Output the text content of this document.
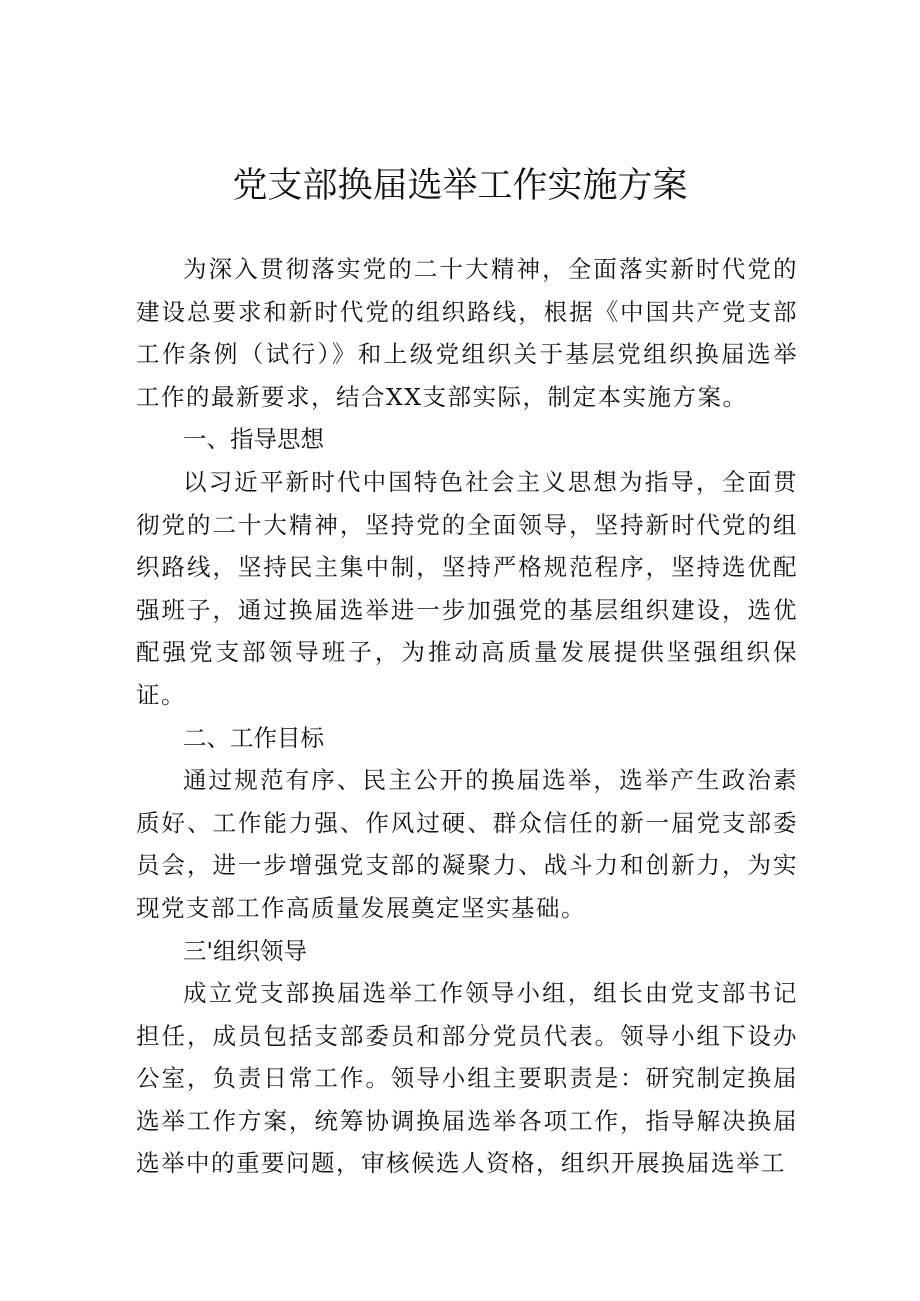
党支部换届选举工作实施方案

为深入贯彻落实党的二十大精神，全面落实新时代党的建设总要求和新时代党的组织路线，根据《中国共产党支部工作条例（试行）》和上级党组织关于基层党组织换届选举工作的最新要求，结合XX支部实际，制定本实施方案。

一、指导思想

以习近平新时代中国特色社会主义思想为指导，全面贯彻党的二十大精神，坚持党的全面领导，坚持新时代党的组织路线，坚持民主集中制，坚持严格规范程序，坚持选优配强班子，通过换届选举进一步加强党的基层组织建设，选优配强党支部领导班子，为推动高质量发展提供坚强组织保证。

二、工作目标

通过规范有序、民主公开的换届选举，选举产生政治素质好、工作能力强、作风过硬、群众信任的新一届党支部委员会，进一步增强党支部的凝聚力、战斗力和创新力，为实现党支部工作高质量发展奠定坚实基础。

三'组织领导

成立党支部换届选举工作领导小组，组长由党支部书记担任，成员包括支部委员和部分党员代表。领导小组下设办公室，负责日常工作。领导小组主要职责是：研究制定换届选举工作方案，统筹协调换届选举各项工作，指导解决换届选举中的重要问题，审核候选人资格，组织开展换届选举工
